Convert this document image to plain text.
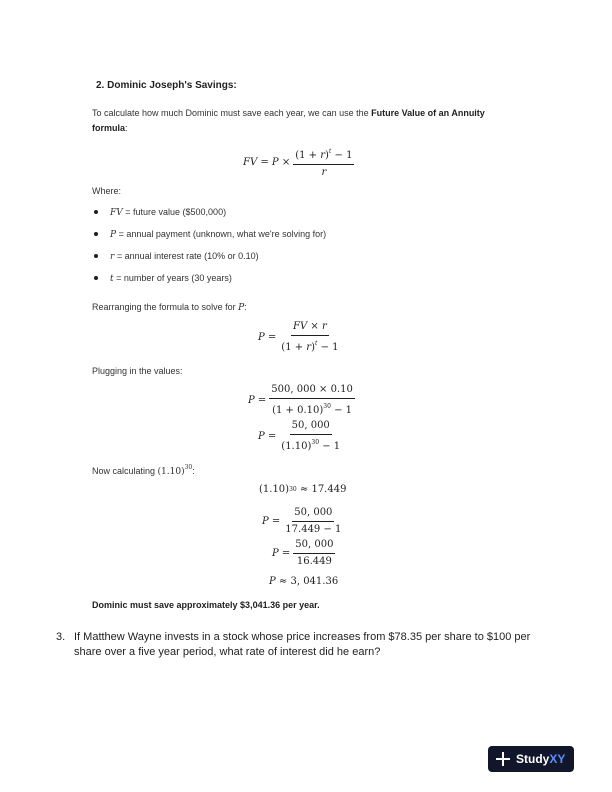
2. Dominic Joseph's Savings:
To calculate how much Dominic must save each year, we can use the Future Value of an Annuity
formula:
FV = $P \times \frac{(1 + r)^t - 1}{r}$
Where:
FV = future value ($500,000)
P = annual payment (unknown, what we're solving for)
r = annual interest rate (10% or 0.10)
t = number of years (30 years)
Rearranging the formula to solve for P:
$P = \frac{FV \times r}{(1 + r)^t - 1}$
Plugging in the values:
$P = \frac{500, 000 \times 0.10}{(1 + 0.10)^{30} - 1}$
$P = \frac{50, 000}{(1.10)^{30} - 1}$
Now calculating $(1.10)^{30}$:
(1.10) 30 ≈ 17.449
$P = \frac{50, 000}{17.449 - 1}$
$P = \frac{50, 000}{16.449}$
P ≈ 3, 041.36
Dominic must save approximately $3,041.36 per year.
3. If Matthew Wayne invests in a stock whose price increases from $78.35 per share to $100 per share over a five year period, what rate of interest did he earn?
Study XY
